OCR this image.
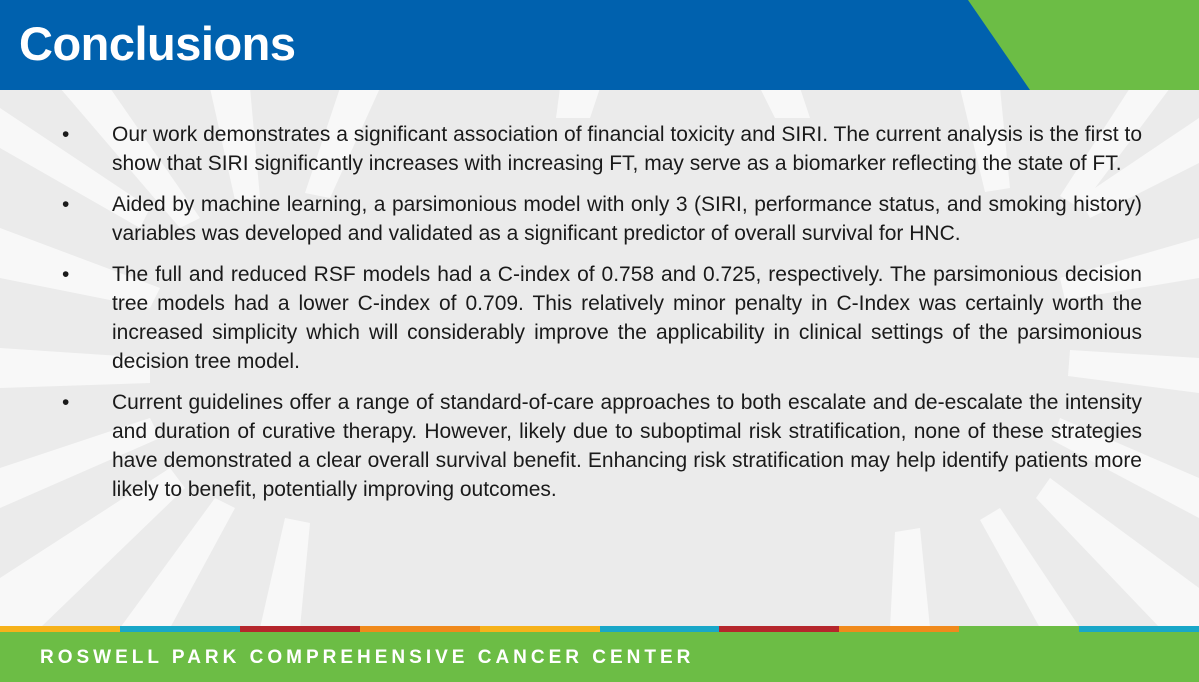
Conclusions
• Our work demonstrates a significant association of financial toxicity and SIRI. The current analysis is the first to show that SIRI significantly increases with increasing FT, may serve as a biomarker reflecting the state of FT.
• Aided by machine learning, a parsimonious model with only 3 (SIRI, performance status, and smoking history) variables was developed and validated as a significant predictor of overall survival for HNC.
• The full and reduced RSF models had a C-index of 0.758 and 0.725, respectively. The parsimonious decision tree models had a lower C-index of 0.709. This relatively minor penalty in C-Index was certainly worth the increased simplicity which will considerably improve the applicability in clinical settings of the parsimonious decision tree model.
• Current guidelines offer a range of standard-of-care approaches to both escalate and de-escalate the intensity and duration of curative therapy. However, likely due to suboptimal risk stratification, none of these strategies have demonstrated a clear overall survival benefit. Enhancing risk stratification may help identify patients more likely to benefit, potentially improving outcomes.

ROSWELL PARK COMPREHENSIVE CANCER CENTER
